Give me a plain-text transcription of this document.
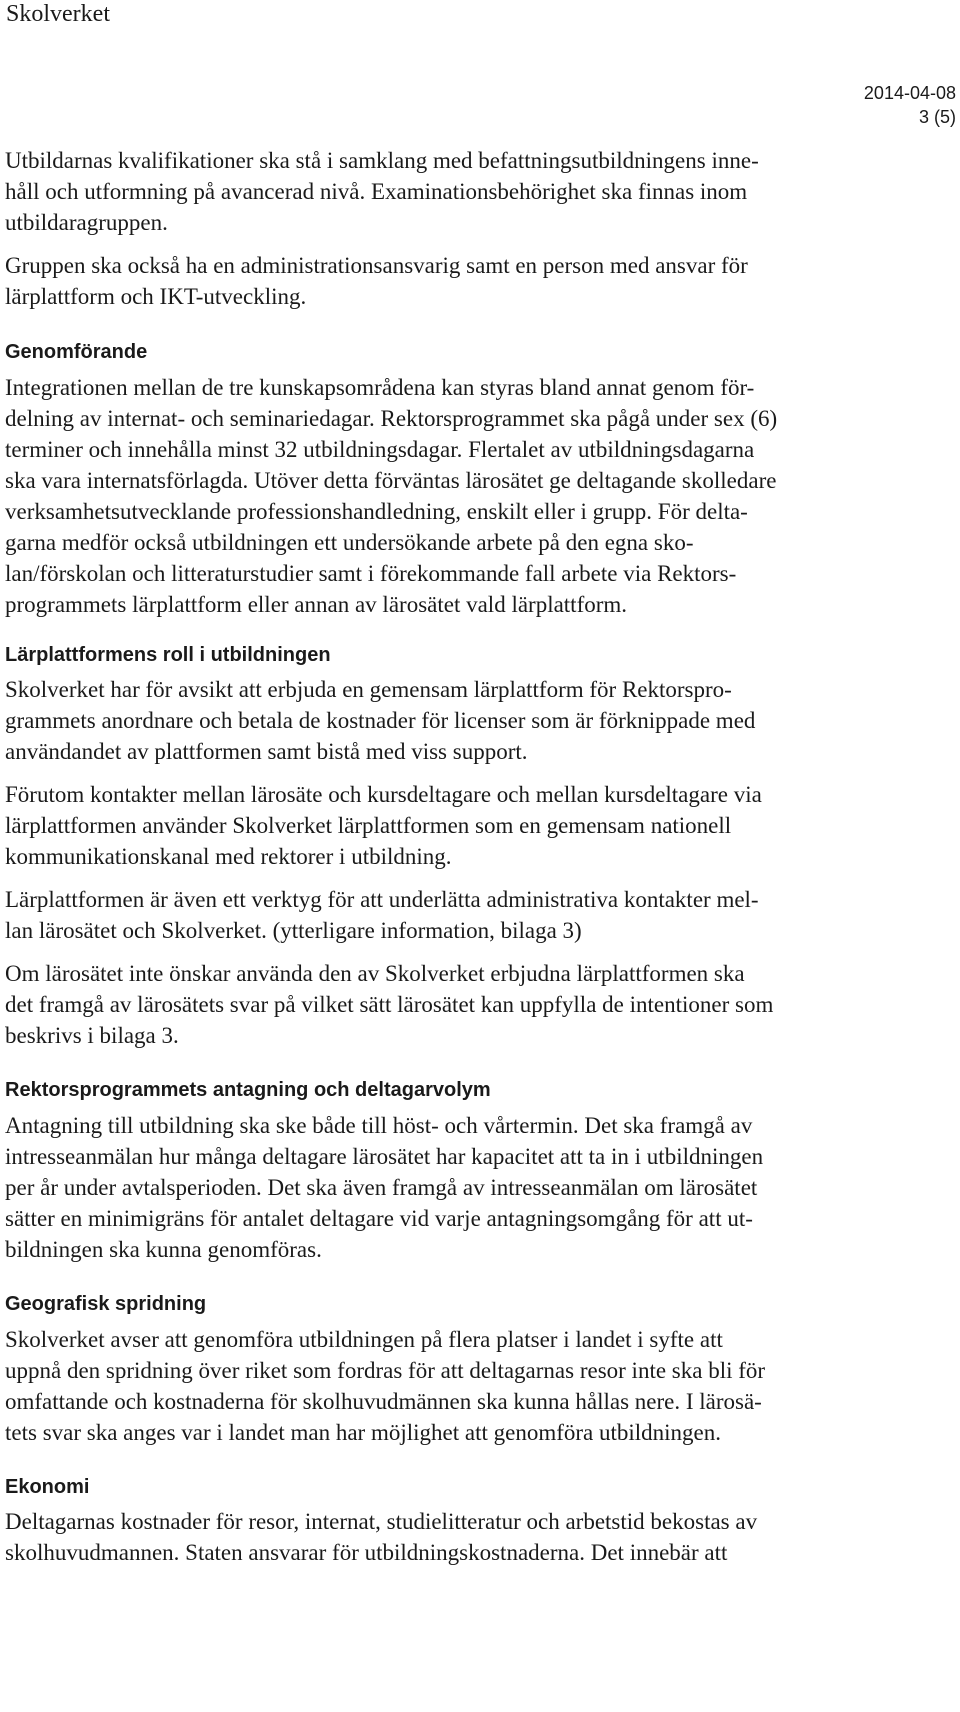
Skolverket
2014-04-08
3 (5)
Utbildarnas kvalifikationer ska stå i samklang med befattningsutbildningens inne-
håll och utformning på avancerad nivå. Examinationsbehörighet ska finnas inom
utbildaragruppen.
Gruppen ska också ha en administrationsansvarig samt en person med ansvar för
lärplattform och IKT-utveckling.
Genomförande
Integrationen mellan de tre kunskapsområdena kan styras bland annat genom för-
delning av internat- och seminariedagar. Rektorsprogrammet ska pågå under sex (6)
terminer och innehålla minst 32 utbildningsdagar. Flertalet av utbildningsdagarna
ska vara internatsförlagda. Utöver detta förväntas lärosätet ge deltagande skolledare
verksamhetsutvecklande professionshandledning, enskilt eller i grupp. För delta-
garna medför också utbildningen ett undersökande arbete på den egna sko-
lan/förskolan och litteraturstudier samt i förekommande fall arbete via Rektors-
programmets lärplattform eller annan av lärosätet vald lärplattform.
Lärplattformens roll i utbildningen
Skolverket har för avsikt att erbjuda en gemensam lärplattform för Rektorspro-
grammets anordnare och betala de kostnader för licenser som är förknippade med
användandet av plattformen samt bistå med viss support.
Förutom kontakter mellan lärosäte och kursdeltagare och mellan kursdeltagare via
lärplattformen använder Skolverket lärplattformen som en gemensam nationell
kommunikationskanal med rektorer i utbildning.
Lärplattformen är även ett verktyg för att underlätta administrativa kontakter mel-
lan lärosätet och Skolverket. (ytterligare information, bilaga 3)
Om lärosätet inte önskar använda den av Skolverket erbjudna lärplattformen ska
det framgå av lärosätets svar på vilket sätt lärosätet kan uppfylla de intentioner som
beskrivs i bilaga 3.
Rektorsprogrammets antagning och deltagarvolym
Antagning till utbildning ska ske både till höst- och vårtermin. Det ska framgå av
intresseanmälan hur många deltagare lärosätet har kapacitet att ta in i utbildningen
per år under avtalsperioden. Det ska även framgå av intresseanmälan om lärosätet
sätter en minimigräns för antalet deltagare vid varje antagningsomgång för att ut-
bildningen ska kunna genomföras.
Geografisk spridning
Skolverket avser att genomföra utbildningen på flera platser i landet i syfte att
uppnå den spridning över riket som fordras för att deltagarnas resor inte ska bli för
omfattande och kostnaderna för skolhuvudmännen ska kunna hållas nere. I lärosä-
tets svar ska anges var i landet man har möjlighet att genomföra utbildningen.
Ekonomi
Deltagarnas kostnader för resor, internat, studielitteratur och arbetstid bekostas av
skolhuvudmannen. Staten ansvarar för utbildningskostnaderna. Det innebär att
